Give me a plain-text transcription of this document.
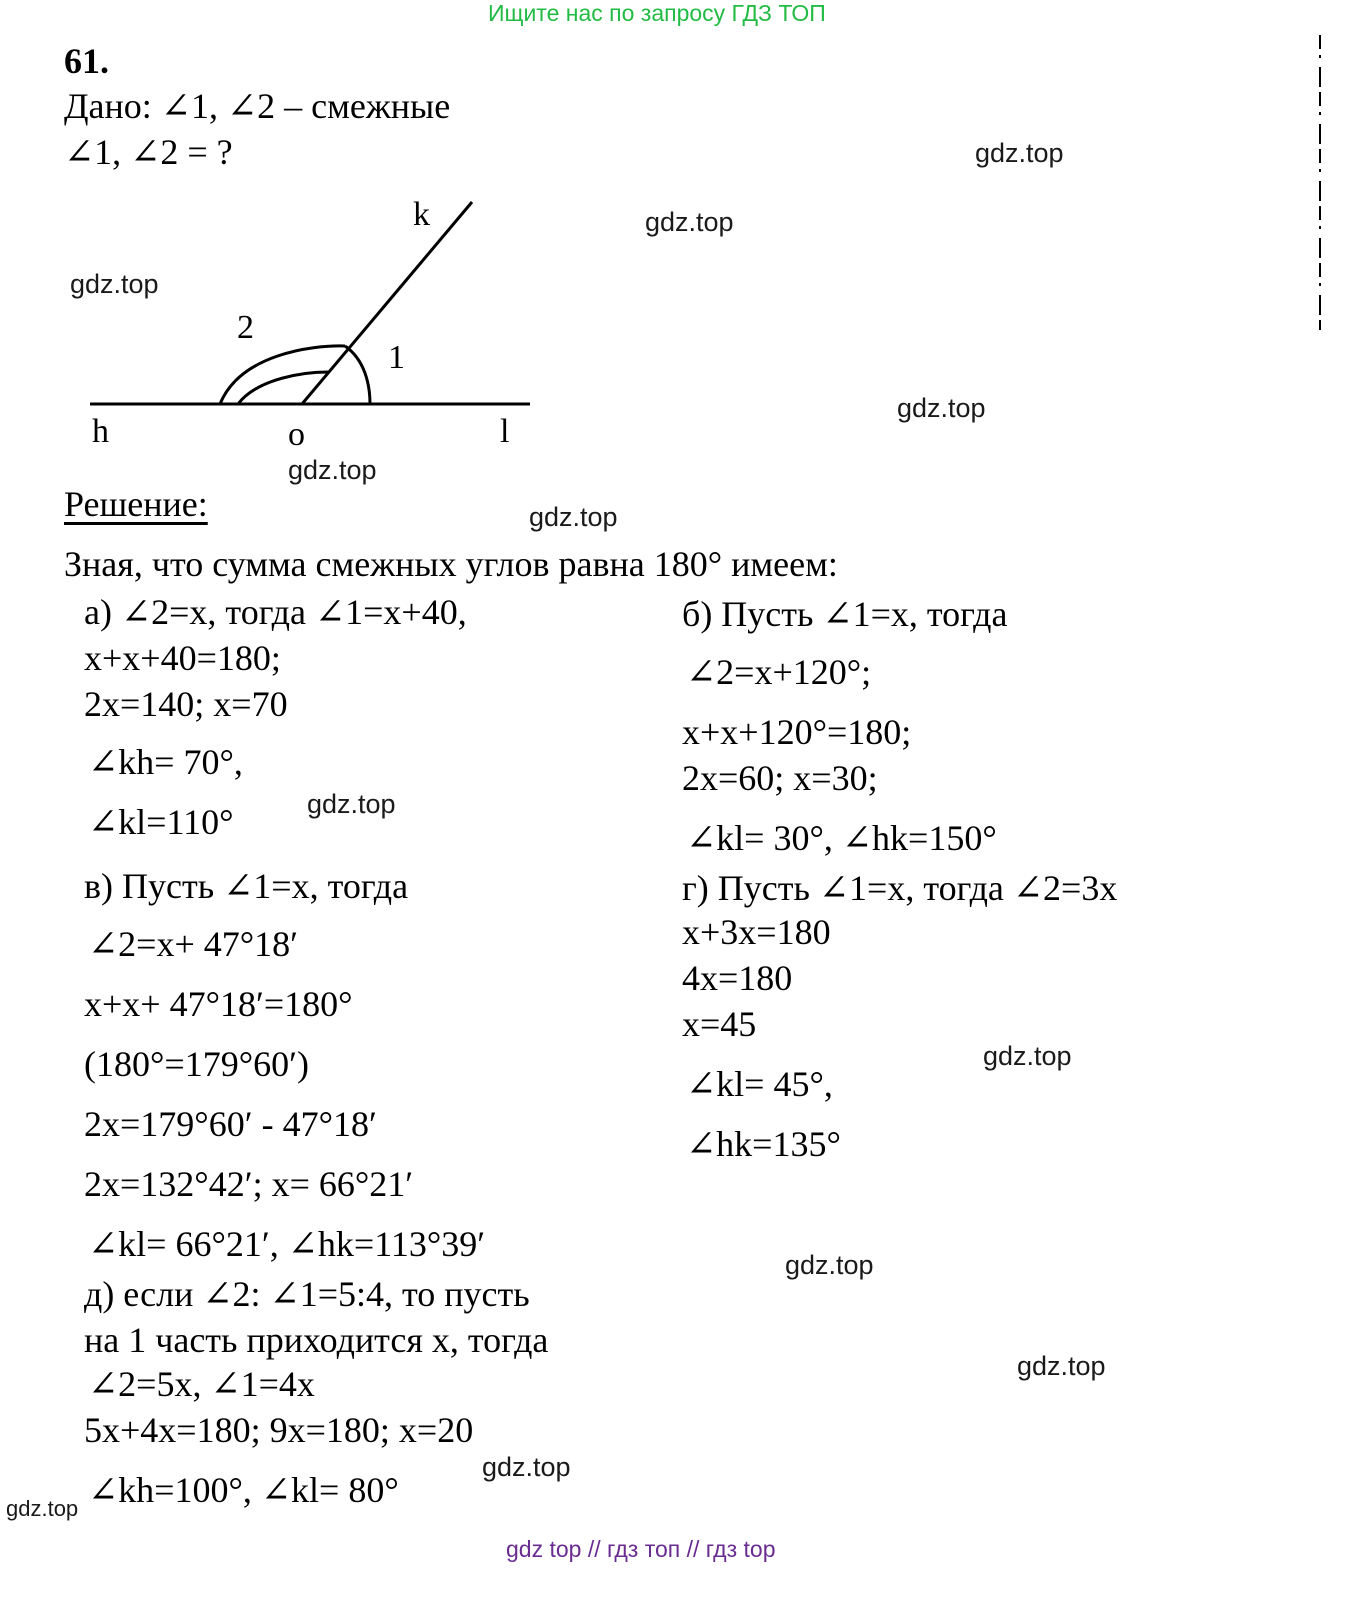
Ищите нас по запросу ГДЗ ТОП
61.
Дано: ∠1, ∠2 – смежные
∠1, ∠2 = ?
k
h	o	l
1
2
Решение:
Зная, что сумма смежных углов равна 180° имеем:
а) ∠2=x, тогда ∠1=x+40,
x+x+40=180;
2x=140; x=70
∠kh= 70°,
∠kl=110°
б) Пусть ∠1=x, тогда
∠2=x+120°;
x+x+120°=180;
2x=60; x=30;
∠kl= 30°, ∠hk=150°
в) Пусть ∠1=x, тогда
∠2=x+ 47°18′
x+x+ 47°18′=180°
(180°=179°60′)
2x=179°60′ - 47°18′
2x=132°42′; x= 66°21′
∠kl= 66°21′, ∠hk=113°39′
г) Пусть ∠1=x, тогда ∠2=3x
x+3x=180
4x=180
x=45
∠kl= 45°,
∠hk=135°
д) если ∠2: ∠1=5:4, то пусть
на 1 часть приходится x, тогда
∠2=5x, ∠1=4x
5x+4x=180; 9x=180; x=20
∠kh=100°, ∠kl= 80°
gdz.top
gdz.top
gdz.top
gdz.top
gdz.top
gdz.top
gdz.top
gdz.top
gdz.top
gdz.top
gdz.top
gdz.top
gdz top // гдз топ // гдз top
